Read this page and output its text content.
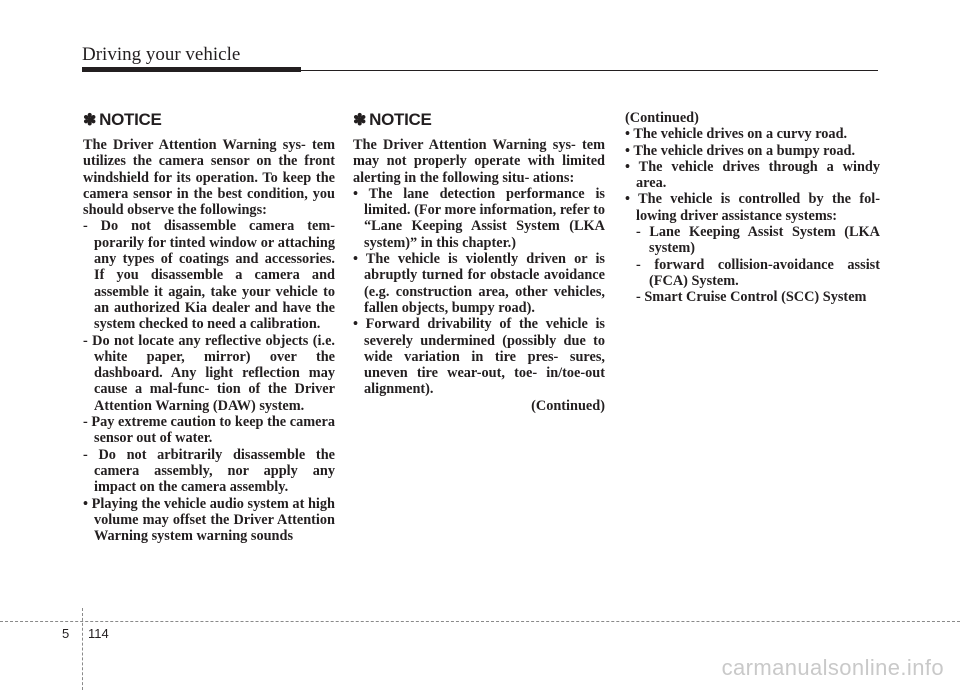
Driving your vehicle
✽ NOTICE

The Driver Attention Warning sys- tem utilizes the camera sensor on the front windshield for its operation. To keep the camera sensor in the best condition, you should observe the followings:

- Do not disassemble camera tem- porarily for tinted window or attaching any types of coatings and accessories. If you disassemble a camera and assemble it again, take your vehicle to an authorized Kia dealer and have the system checked to need a calibration.

- Do not locate any reflective objects (i.e. white paper, mirror) over the dashboard. Any light reflection may cause a mal-func- tion of the Driver Attention Warning (DAW) system.

- Pay extreme caution to keep the camera sensor out of water.

- Do not arbitrarily disassemble the camera assembly, nor apply any impact on the camera assembly.

• Playing the vehicle audio system at high volume may offset the Driver Attention Warning system warning sounds

✽ NOTICE

The Driver Attention Warning sys- tem may not properly operate with limited alerting in the following situ- ations:

• The lane detection performance is limited. (For more information, refer to “Lane Keeping Assist System (LKA system)” in this chapter.)

• The vehicle is violently driven or is abruptly turned for obstacle avoidance (e.g. construction area, other vehicles, fallen objects, bumpy road).

• Forward drivability of the vehicle is severely undermined (possibly due to wide variation in tire pres- sures, uneven tire wear-out, toe- in/toe-out alignment).

(Continued)

(Continued)

• The vehicle drives on a curvy road.

• The vehicle drives on a bumpy road.

• The vehicle drives through a windy area.

• The vehicle is controlled by the fol- lowing driver assistance systems:

- Lane Keeping Assist System (LKA system)

- forward collision-avoidance assist (FCA) System.

- Smart Cruise Control (SCC) System

5 114
carmanualsonline.info
